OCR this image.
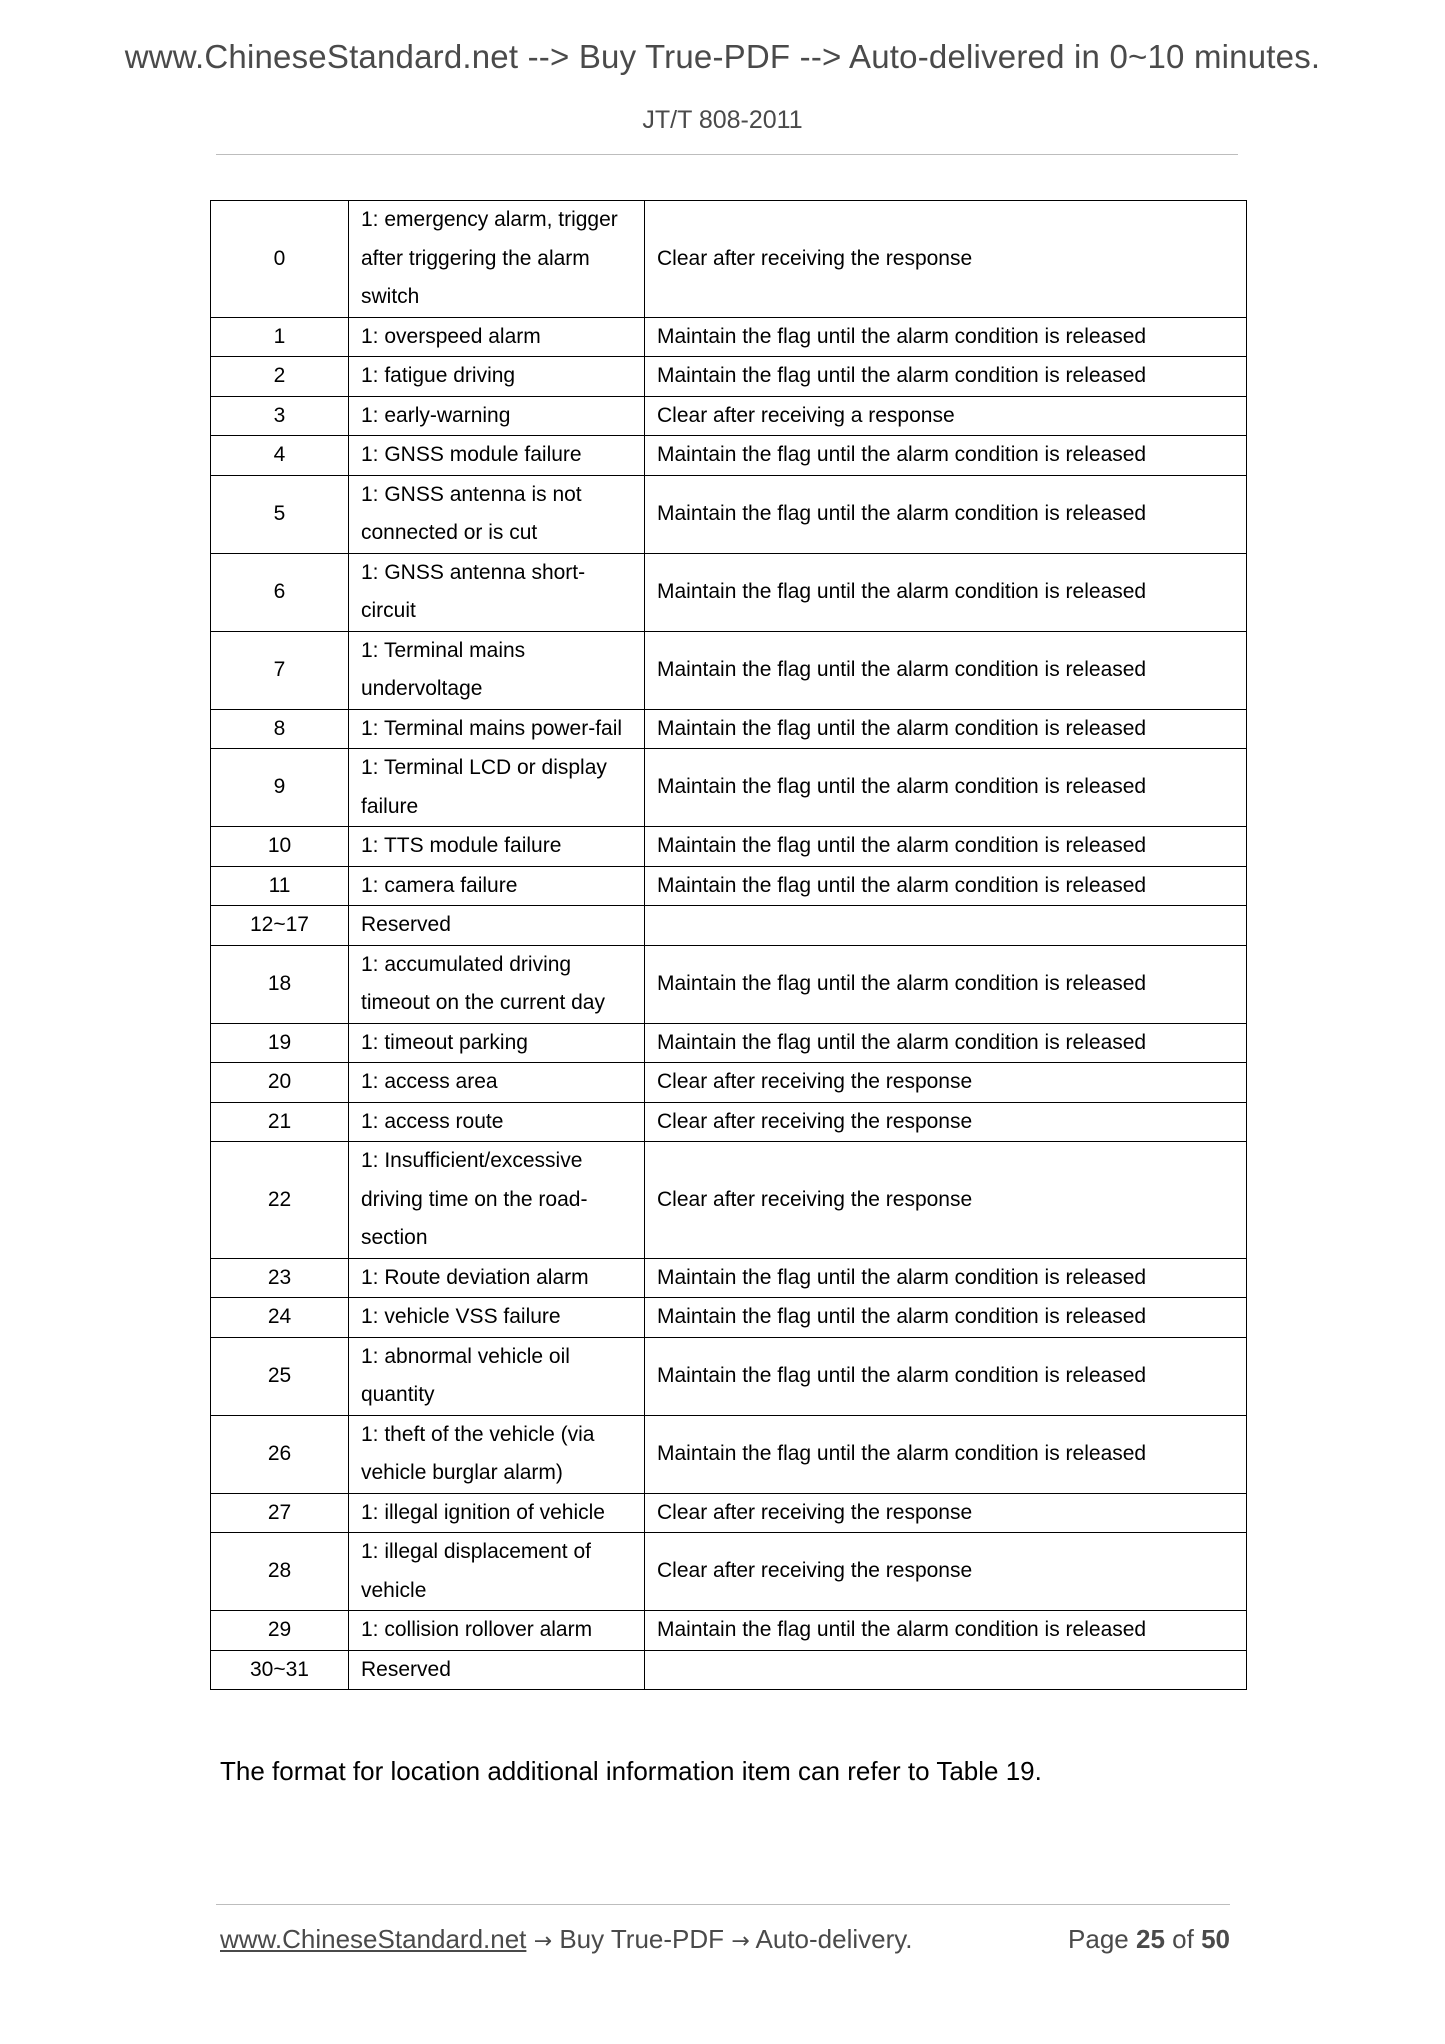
www.ChineseStandard.net --> Buy True-PDF --> Auto-delivered in 0~10 minutes.
JT/T 808-2011
0	1: emergency alarm, trigger after triggering the alarm switch	Clear after receiving the response
1	1: overspeed alarm	Maintain the flag until the alarm condition is released
2	1: fatigue driving	Maintain the flag until the alarm condition is released
3	1: early-warning	Clear after receiving a response
4	1: GNSS module failure	Maintain the flag until the alarm condition is released
5	1: GNSS antenna is not connected or is cut	Maintain the flag until the alarm condition is released
6	1: GNSS antenna short-circuit	Maintain the flag until the alarm condition is released
7	1: Terminal mains undervoltage	Maintain the flag until the alarm condition is released
8	1: Terminal mains power-fail	Maintain the flag until the alarm condition is released
9	1: Terminal LCD or display failure	Maintain the flag until the alarm condition is released
10	1: TTS module failure	Maintain the flag until the alarm condition is released
11	1: camera failure	Maintain the flag until the alarm condition is released
12~17	Reserved	
18	1: accumulated driving timeout on the current day	Maintain the flag until the alarm condition is released
19	1: timeout parking	Maintain the flag until the alarm condition is released
20	1: access area	Clear after receiving the response
21	1: access route	Clear after receiving the response
22	1: Insufficient/excessive driving time on the road-section	Clear after receiving the response
23	1: Route deviation alarm	Maintain the flag until the alarm condition is released
24	1: vehicle VSS failure	Maintain the flag until the alarm condition is released
25	1: abnormal vehicle oil quantity	Maintain the flag until the alarm condition is released
26	1: theft of the vehicle (via vehicle burglar alarm)	Maintain the flag until the alarm condition is released
27	1: illegal ignition of vehicle	Clear after receiving the response
28	1: illegal displacement of vehicle	Clear after receiving the response
29	1: collision rollover alarm	Maintain the flag until the alarm condition is released
30~31	Reserved	
The format for location additional information item can refer to Table 19.
www.ChineseStandard.net → Buy True-PDF → Auto-delivery.	Page 25 of 50
